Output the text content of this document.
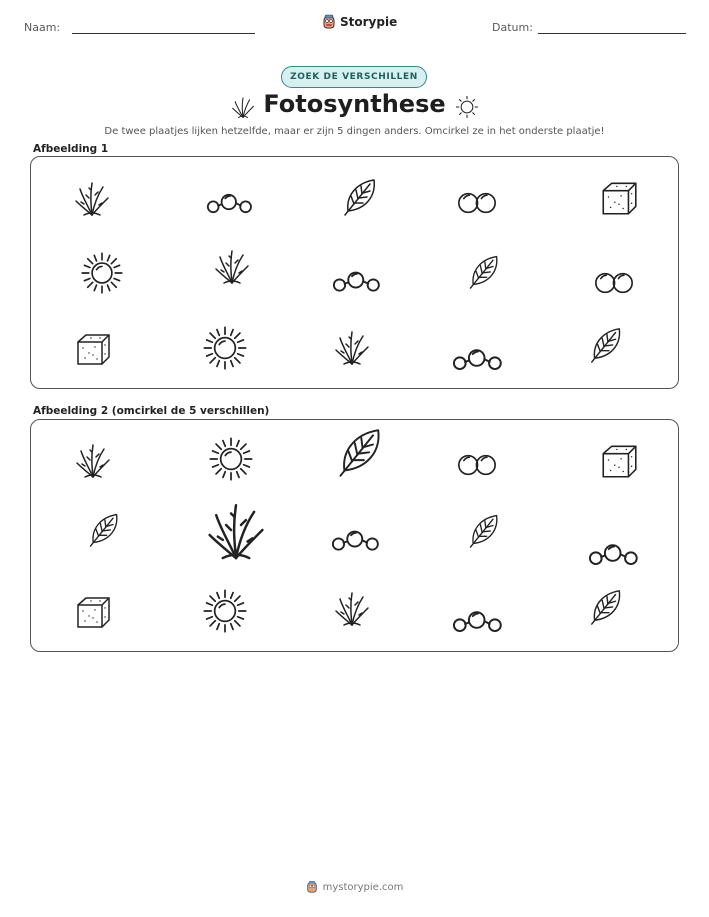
Naam:	Storypie	Datum:
ZOEK DE VERSCHILLEN
Fotosynthese
De twee plaatjes lijken hetzelfde, maar er zijn 5 dingen anders. Omcirkel ze in het onderste plaatje!
Afbeelding 1
Afbeelding 2 (omcirkel de 5 verschillen)
mystorypie.com
